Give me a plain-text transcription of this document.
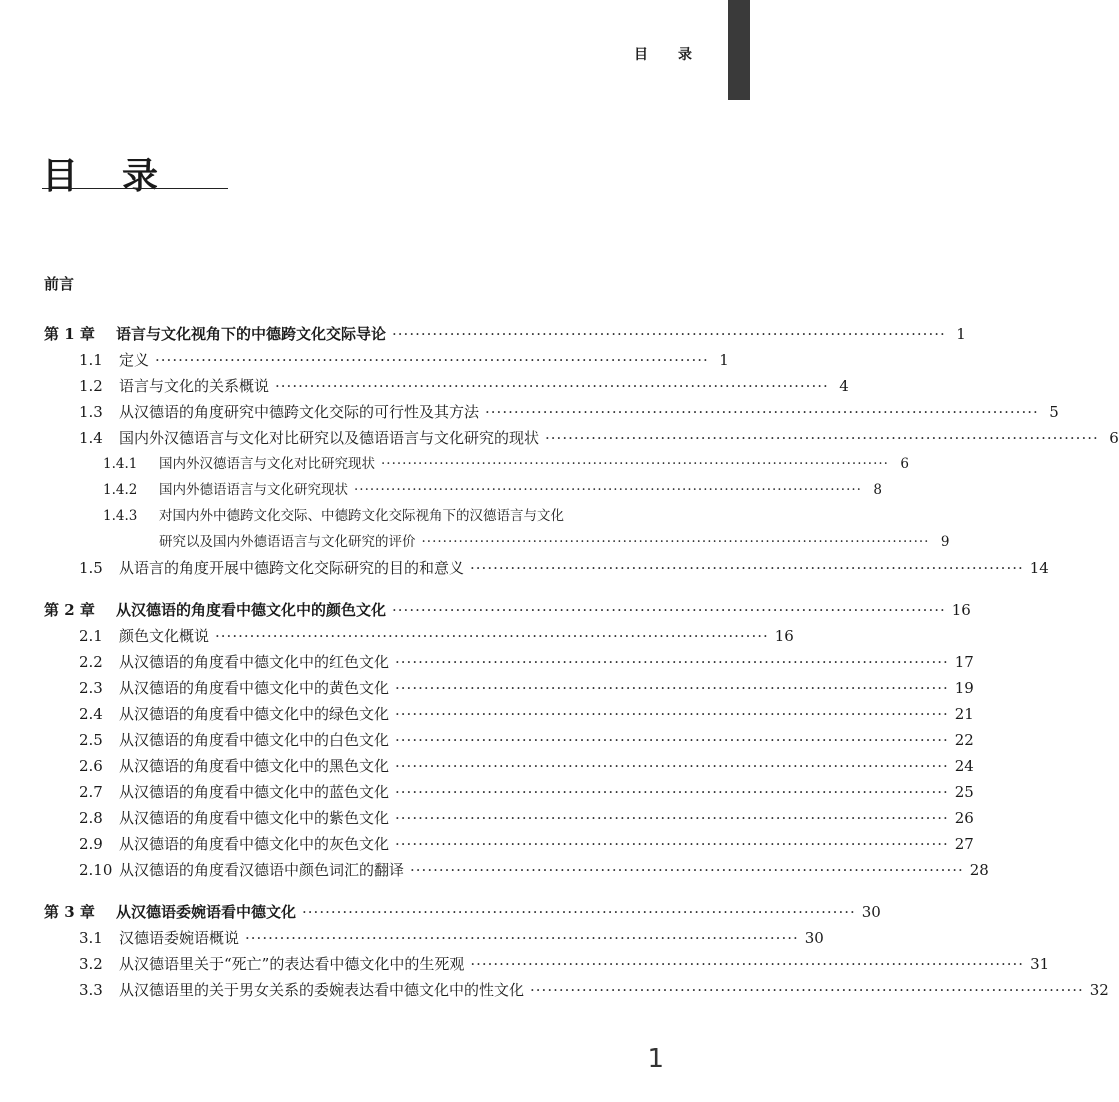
目录
目录
前言
第 1 章	语言与文化视角下的中德跨文化交际导论 ·····	1
1.1	定义 ·····	1
1.2	语言与文化的关系概说 ·····	4
1.3	从汉德语的角度研究中德跨文化交际的可行性及其方法 ·····	5
1.4	国内外汉德语言与文化对比研究以及德语语言与文化研究的现状 ·····	6
1.4.1	国内外汉德语言与文化对比研究现状 ·····	6
1.4.2	国内外德语语言与文化研究现状 ·····	8
1.4.3	对国内外中德跨文化交际、中德跨文化交际视角下的汉德语言与文化
研究以及国内外德语语言与文化研究的评价 ·····	9
1.5	从语言的角度开展中德跨文化交际研究的目的和意义 ·····	14
第 2 章	从汉德语的角度看中德文化中的颜色文化 ·····	16
2.1	颜色文化概说 ·····	16
2.2	从汉德语的角度看中德文化中的红色文化 ·····	17
2.3	从汉德语的角度看中德文化中的黄色文化 ·····	19
2.4	从汉德语的角度看中德文化中的绿色文化 ·····	21
2.5	从汉德语的角度看中德文化中的白色文化 ·····	22
2.6	从汉德语的角度看中德文化中的黑色文化 ·····	24
2.7	从汉德语的角度看中德文化中的蓝色文化 ·····	25
2.8	从汉德语的角度看中德文化中的紫色文化 ·····	26
2.9	从汉德语的角度看中德文化中的灰色文化 ·····	27
2.10 从汉德语的角度看汉德语中颜色词汇的翻译 ·····	28
第 3 章	从汉德语委婉语看中德文化 ·····	30
3.1	汉德语委婉语概说 ·····	30
3.2	从汉德语里关于“死亡”的表达看中德文化中的生死观 ·····	31
3.3	从汉德语里的关于男女关系的委婉表达看中德文化中的性文化 ·····	32
1
